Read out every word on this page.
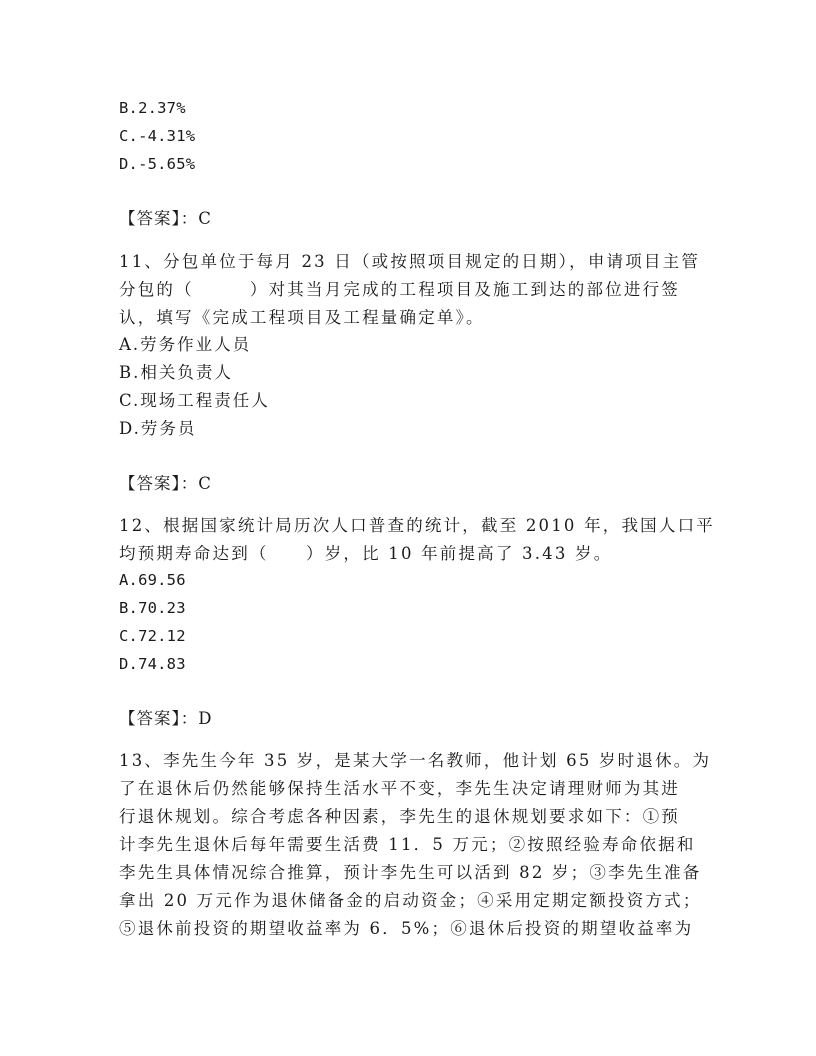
B.2.37%

C.-4.31%

D.-5.65%

【答案】：C

11、分包单位于每月 23 日（或按照项目规定的日期），申请项目主管

分包的（　　　）对其当月完成的工程项目及施工到达的部位进行签

认，填写《完成工程项目及工程量确定单》。

A.劳务作业人员

B.相关负责人

C.现场工程责任人

D.劳务员

【答案】：C

12、根据国家统计局历次人口普查的统计，截至 2010 年，我国人口平

均预期寿命达到（　　）岁，比 10 年前提高了 3.43 岁。

A.69.56

B.70.23

C.72.12

D.74.83

【答案】：D

13、李先生今年 35 岁，是某大学一名教师，他计划 65 岁时退休。为

了在退休后仍然能够保持生活水平不变，李先生决定请理财师为其进

行退休规划。综合考虑各种因素，李先生的退休规划要求如下：①预

计李先生退休后每年需要生活费 11．5 万元；②按照经验寿命依据和

李先生具体情况综合推算，预计李先生可以活到 82 岁；③李先生准备

拿出 20 万元作为退休储备金的启动资金；④采用定期定额投资方式；

⑤退休前投资的期望收益率为 6．5%；⑥退休后投资的期望收益率为
